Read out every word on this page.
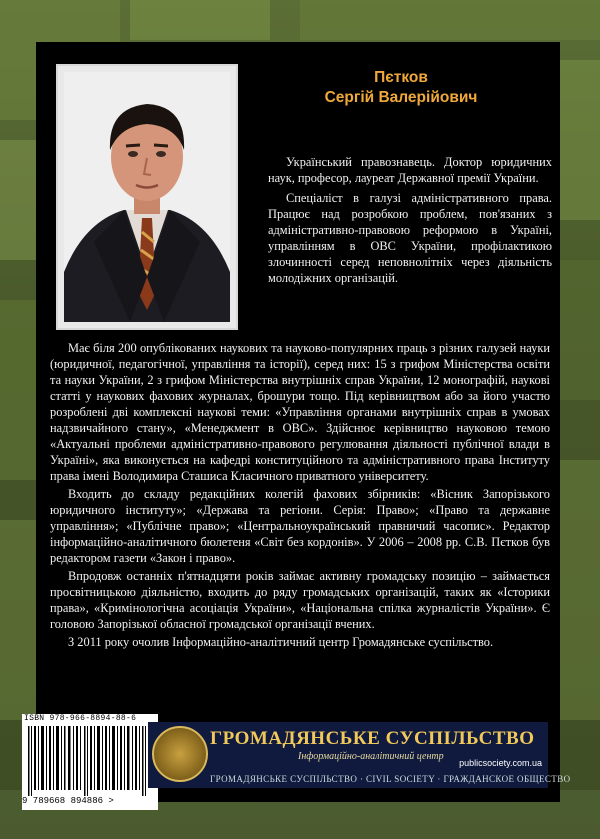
Пєтков
Сергій Валерійович

Український правознавець. Доктор юридичних наук, професор, лауреат Державної премії України.

Спеціаліст в галузі адміністративного права. Працює над розробкою проблем, пов'язаних з адміністративно-правовою реформою в Україні, управлінням в ОВС України, профілактикою злочинності серед неповнолітніх через діяльність молодіжних організацій.

Має біля 200 опублікованих наукових та науково-популярних праць з різних галузей науки (юридичної, педагогічної, управління та історії), серед них: 15 з грифом Міністерства освіти та науки України, 2 з грифом Міністерства внутрішніх справ України, 12 монографій, наукові статті у наукових фахових журналах, брошури тощо. Під керівництвом або за його участю розроблені дві комплексні наукові теми: «Управління органами внутрішніх справ в умовах надзвичайного стану», «Менеджмент в ОВС». Здійснює керівництво науковою темою «Актуальні проблеми адміністративно-правового регулювання діяльності публічної влади в Україні», яка виконується на кафедрі конституційного та адміністративного права Інституту права імені Володимира Сташиса Класичного приватного університету.

Входить до складу редакційних колегій фахових збірників: «Вісник Запорізького юридичного інституту»; «Держава та регіони. Серія: Право»; «Право та державне управління»; «Публічне право»; «Центральноукраїнський правничий часопис». Редактор інформаційно-аналітичного бюлетеня «Світ без кордонів». У 2006 – 2008 рр. С.В. Пєтков був редактором газети «Закон і право».

Впродовж останніх п'ятнадцяти років займає активну громадську позицію – займається просвітницькою діяльністю, входить до ряду громадських організацій, таких як «Історики права», «Кримінологічна асоціація України», «Національна спілка журналістів України». Є головою Запорізької обласної громадської організації вчених.

З 2011 року очолив Інформаційно-аналітичний центр Громадянське суспільство.

ISBN 978-966-8894-88-6
9 789668 894886 >
ГРОМАДЯНСЬКЕ СУСПІЛЬСТВО
Інформаційно-аналітичний центр
publicsociety.com.ua
ГРОМАДЯНСЬКЕ СУСПІЛЬСТВО · CIVIL SOCIETY · ГРАЖДАНСКОЕ ОБЩЕСТВО
